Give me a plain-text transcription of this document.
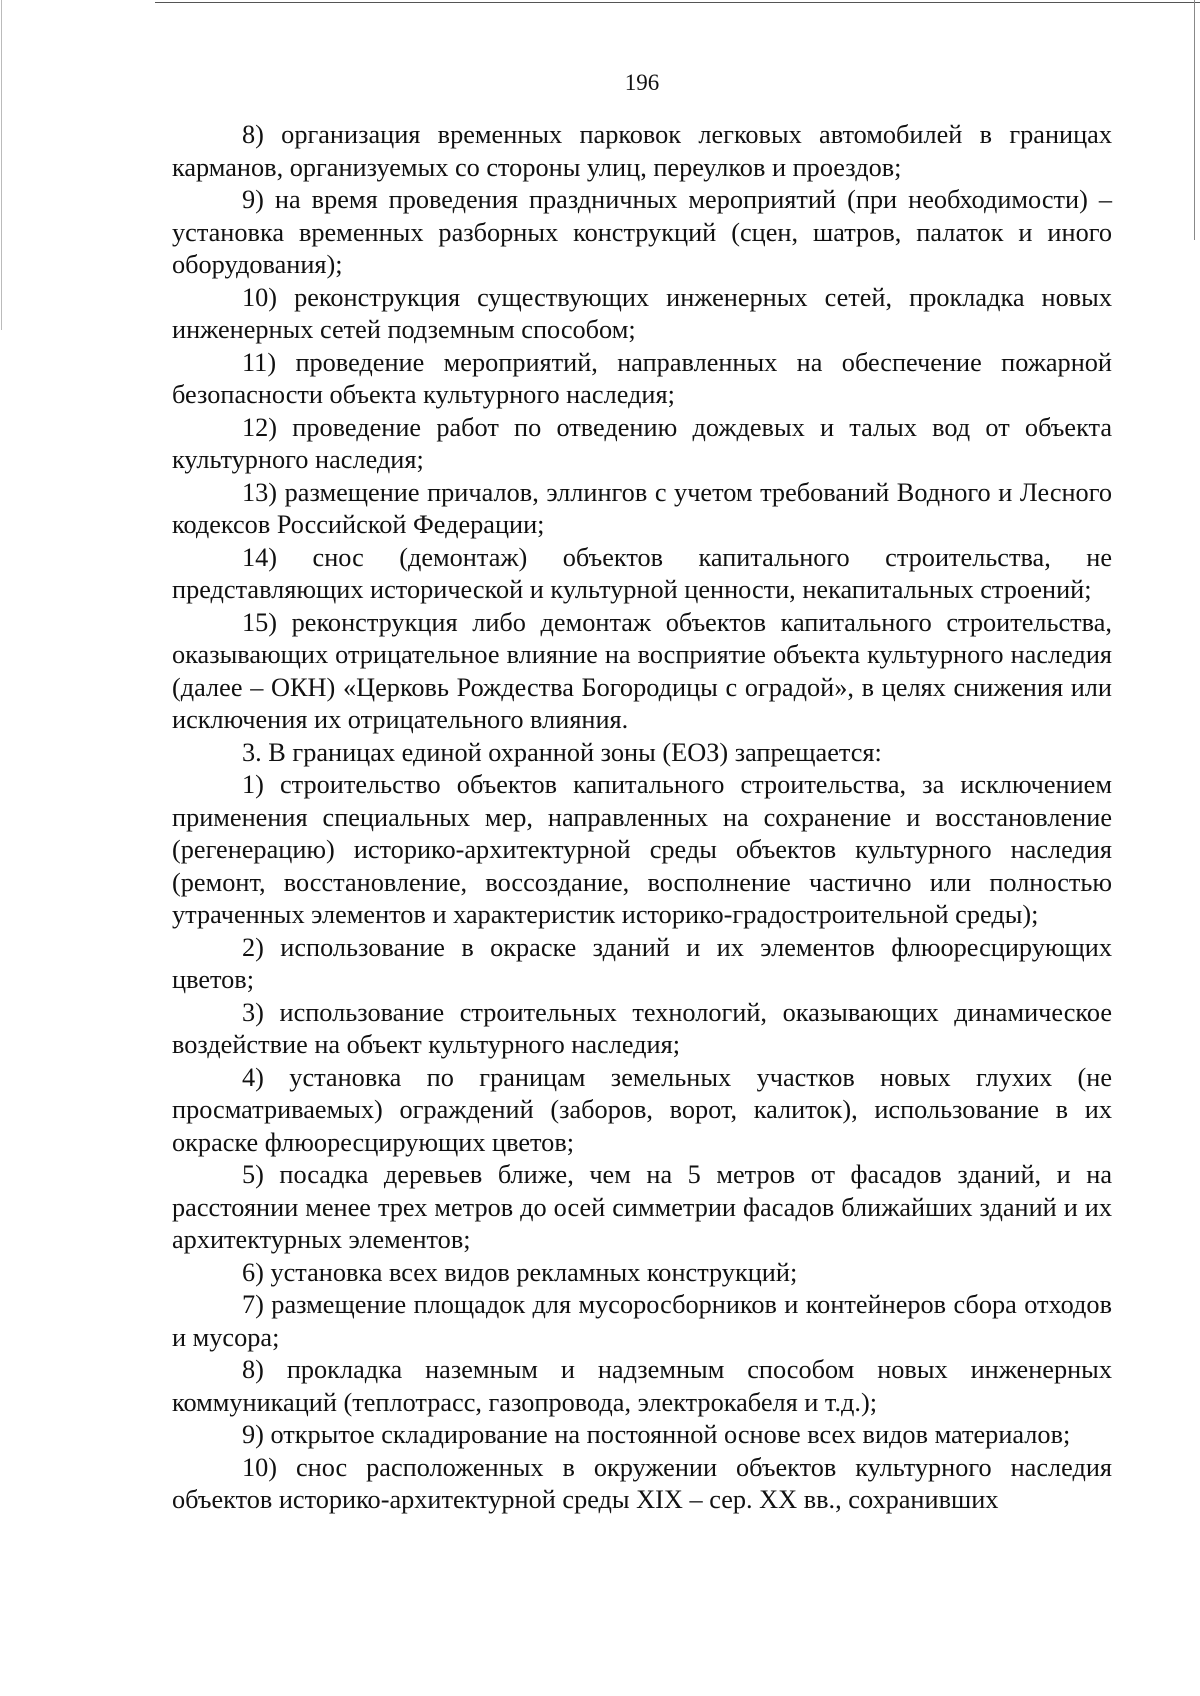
196

8) организация временных парковок легковых автомобилей в границах карманов, организуемых со стороны улиц, переулков и проездов;

9) на время проведения праздничных мероприятий (при необходимости) – установка временных разборных конструкций (сцен, шатров, палаток и иного оборудования);

10) реконструкция существующих инженерных сетей, прокладка новых инженерных сетей подземным способом;

11) проведение мероприятий, направленных на обеспечение пожарной безопасности объекта культурного наследия;

12) проведение работ по отведению дождевых и талых вод от объекта культурного наследия;

13) размещение причалов, эллингов с учетом требований Водного и Лесного кодексов Российской Федерации;

14) снос (демонтаж) объектов капитального строительства, не представляющих исторической и культурной ценности, некапитальных строений;

15) реконструкция либо демонтаж объектов капитального строительства, оказывающих отрицательное влияние на восприятие объекта культурного наследия (далее – ОКН) «Церковь Рождества Богородицы с оградой», в целях снижения или исключения их отрицательного влияния.

3. В границах единой охранной зоны (ЕОЗ) запрещается:

1) строительство объектов капитального строительства, за исключением применения специальных мер, направленных на сохранение и восстановление (регенерацию) историко-архитектурной среды объектов культурного наследия (ремонт, восстановление, воссоздание, восполнение частично или полностью утраченных элементов и характеристик историко-градостроительной среды);

2) использование в окраске зданий и их элементов флюоресцирующих цветов;

3) использование строительных технологий, оказывающих динамическое воздействие на объект культурного наследия;

4) установка по границам земельных участков новых глухих (не просматриваемых) ограждений (заборов, ворот, калиток), использование в их окраске флюоресцирующих цветов;

5) посадка деревьев ближе, чем на 5 метров от фасадов зданий, и на расстоянии менее трех метров до осей симметрии фасадов ближайших зданий и их архитектурных элементов;

6) установка всех видов рекламных конструкций;

7) размещение площадок для мусоросборников и контейнеров сбора отходов и мусора;

8) прокладка наземным и надземным способом новых инженерных коммуникаций (теплотрасс, газопровода, электрокабеля и т.д.);

9) открытое складирование на постоянной основе всех видов материалов;

10) снос расположенных в окружении объектов культурного наследия объектов историко-архитектурной среды XIX – сер. XX вв., сохранивших
